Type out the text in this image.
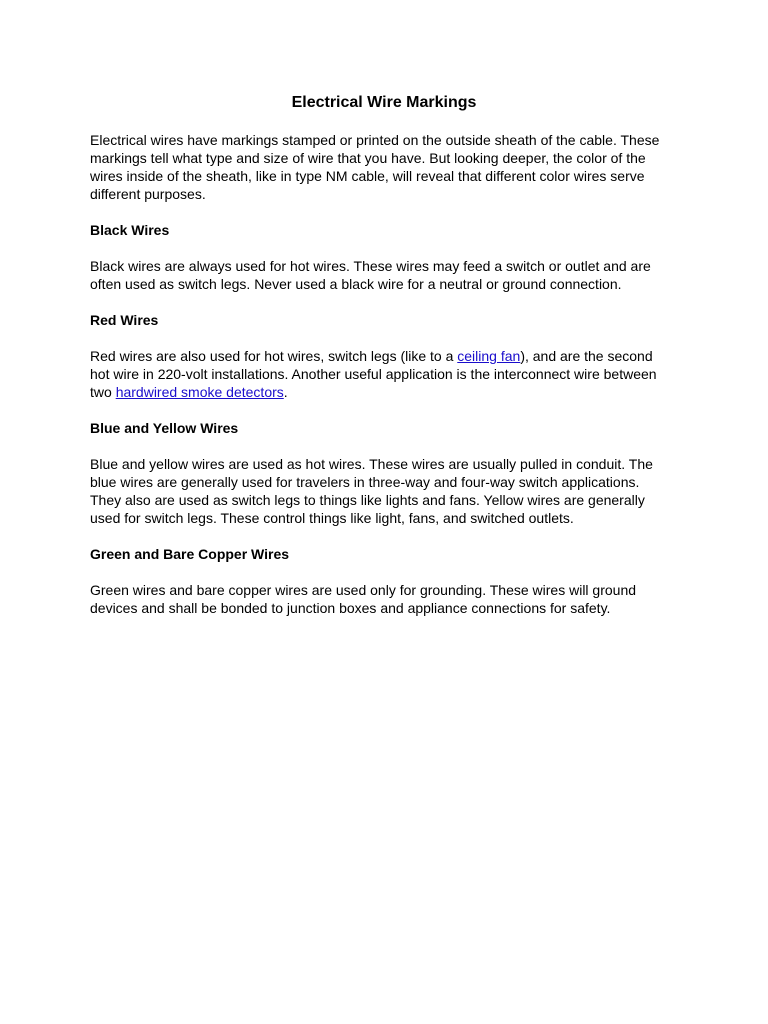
Electrical Wire Markings

Electrical wires have markings stamped or printed on the outside sheath of the cable. These markings tell what type and size of wire that you have. But looking deeper, the color of the wires inside of the sheath, like in type NM cable, will reveal that different color wires serve different purposes.

Black Wires

Black wires are always used for hot wires. These wires may feed a switch or outlet and are often used as switch legs. Never used a black wire for a neutral or ground connection.

Red Wires

Red wires are also used for hot wires, switch legs (like to a ceiling fan), and are the second hot wire in 220-volt installations. Another useful application is the interconnect wire between two hardwired smoke detectors.

Blue and Yellow Wires

Blue and yellow wires are used as hot wires. These wires are usually pulled in conduit. The blue wires are generally used for travelers in three-way and four-way switch applications. They also are used as switch legs to things like lights and fans. Yellow wires are generally used for switch legs. These control things like light, fans, and switched outlets.

Green and Bare Copper Wires

Green wires and bare copper wires are used only for grounding. These wires will ground devices and shall be bonded to junction boxes and appliance connections for safety.
